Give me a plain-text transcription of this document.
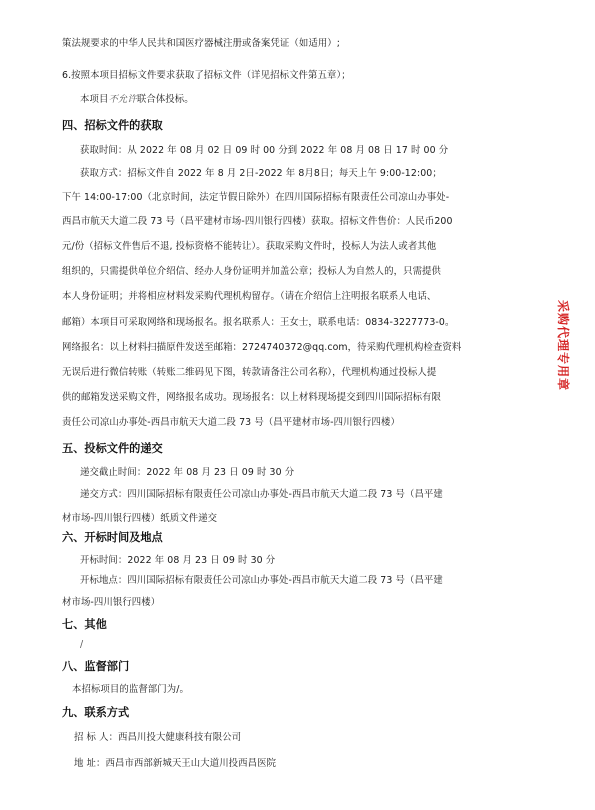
策法规要求的中华人民共和国医疗器械注册或备案凭证（如适用）;
6.按照本项目招标文件要求获取了招标文件（详见招标文件第五章）；
本项目不允许联合体投标。
四、招标文件的获取
获取时间：从 2022 年 08 月 02 日 09 时 00 分到 2022 年 08 月 08 日 17 时 00 分
获取方式：招标文件自 2022 年 8 月 2日-2022 年 8月8日；每天上午 9:00-12:00；
下午 14:00-17:00（北京时间，法定节假日除外）在四川国际招标有限责任公司凉山办事处-
西昌市航天大道二段 73 号（昌平建材市场-四川银行四楼）获取。招标文件售价：人民币200
元/份（招标文件售后不退, 投标资格不能转让）。获取采购文件时，投标人为法人或者其他
组织的，只需提供单位介绍信、经办人身份证明并加盖公章；投标人为自然人的，只需提供
本人身份证明；并将相应材料发采购代理机构留存。（请在介绍信上注明报名联系人电话、
邮箱）本项目可采取网络和现场报名。报名联系人：王女士，联系电话：0834-3227773-0。
网络报名：以上材料扫描原件发送至邮箱：2724740372@qq.com，待采购代理机构检查资料
无误后进行微信转账（转账二维码见下图，转款请备注公司名称），代理机构通过投标人提
供的邮箱发送采购文件，网络报名成功。现场报名：以上材料现场提交到四川国际招标有限
责任公司凉山办事处-西昌市航天大道二段 73 号（昌平建材市场-四川银行四楼）
五、投标文件的递交
递交截止时间：2022 年 08 月 23 日 09 时 30 分
递交方式：四川国际招标有限责任公司凉山办事处-西昌市航天大道二段 73 号（昌平建
材市场-四川银行四楼）纸质文件递交
六、开标时间及地点
开标时间：2022 年 08 月 23 日 09 时 30 分
开标地点：四川国际招标有限责任公司凉山办事处-西昌市航天大道二段 73 号（昌平建
材市场-四川银行四楼）
七、其他
/
八、监督部门
本招标项目的监督部门为/。
九、联系方式
招 标 人：西昌川投大健康科技有限公司
地 址：西昌市西部新城天王山大道川投西昌医院
采购代理专用章
